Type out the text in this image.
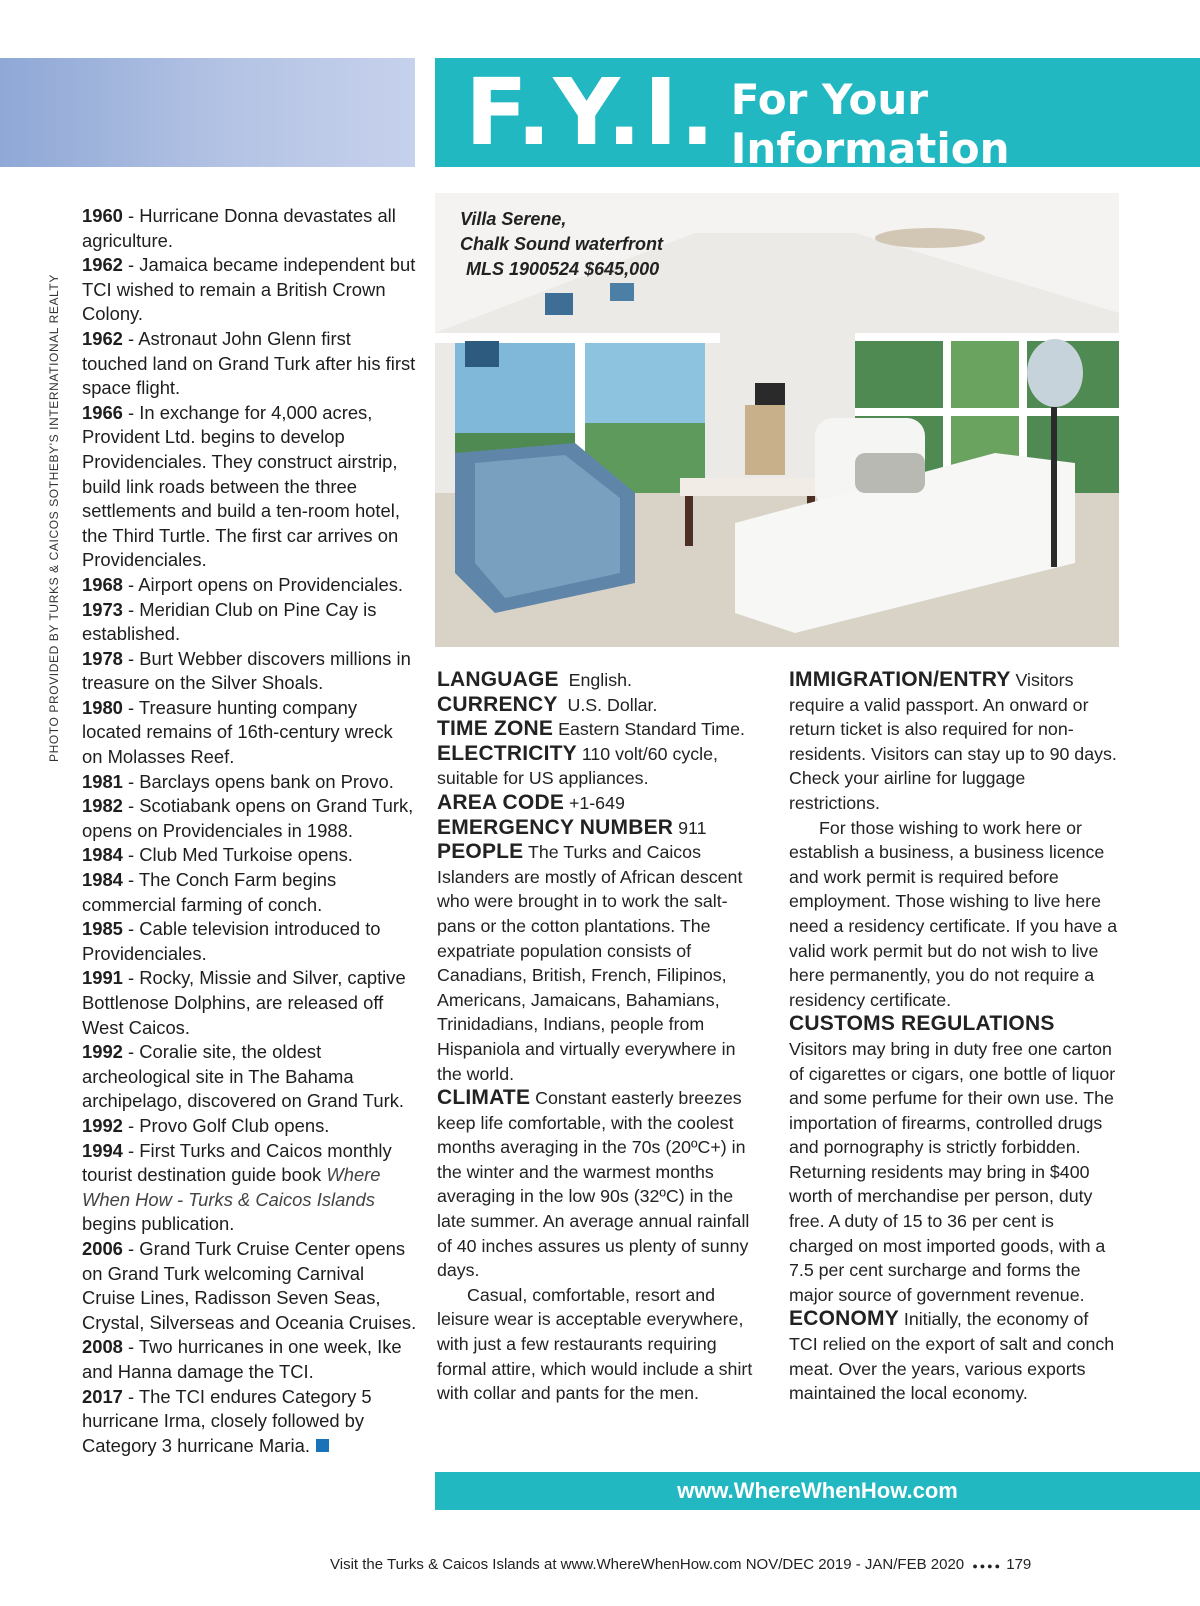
F.Y.I. For Your Information
PHOTO PROVIDED BY TURKS & CAICOS SOTHEBY'S INTERNATIONAL REALTY

1960 - Hurricane Donna devastates all agriculture.

1962 - Jamaica became independent but TCI wished to remain a British Crown Colony.

1962 - Astronaut John Glenn first touched land on Grand Turk after his first space flight.

1966 - In exchange for 4,000 acres, Provident Ltd. begins to develop Providenciales. They construct airstrip, build link roads between the three settlements and build a ten-room hotel, the Third Turtle. The first car arrives on Providenciales.

1968 - Airport opens on Providenciales.

1973 - Meridian Club on Pine Cay is established.

1978 - Burt Webber discovers millions in treasure on the Silver Shoals.

1980 - Treasure hunting company located remains of 16th-century wreck on Molasses Reef.

1981 - Barclays opens bank on Provo.

1982 - Scotiabank opens on Grand Turk, opens on Providenciales in 1988.

1984 - Club Med Turkoise opens.

1984 - The Conch Farm begins commercial farming of conch.

1985 - Cable television introduced to Providenciales.

1991 - Rocky, Missie and Silver, captive Bottlenose Dolphins, are released off West Caicos.

1992 - Coralie site, the oldest archeological site in The Bahama archipelago, discovered on Grand Turk.

1992 - Provo Golf Club opens.

1994 - First Turks and Caicos monthly tourist destination guide book Where When How - Turks & Caicos Islands begins publication.

2006 - Grand Turk Cruise Center opens on Grand Turk welcoming Carnival Cruise Lines, Radisson Seven Seas, Crystal, Silverseas and Oceania Cruises.

2008 - Two hurricanes in one week, Ike and Hanna damage the TCI.

2017 - The TCI endures Category 5 hurricane Irma, closely followed by Category 3 hurricane Maria.

Villa Serene,
Chalk Sound waterfront
MLS 1900524 $645,000

LANGUAGE English.

CURRENCY U.S. Dollar.

TIME ZONE Eastern Standard Time.

ELECTRICITY 110 volt/60 cycle, suitable for US appliances.

AREA CODE +1-649

EMERGENCY NUMBER 911

PEOPLE The Turks and Caicos Islanders are mostly of African descent who were brought in to work the salt-pans or the cotton plantations. The expatriate population consists of Canadians, British, French, Filipinos, Americans, Jamaicans, Bahamians, Trinidadians, Indians, people from Hispaniola and virtually everywhere in the world.

CLIMATE Constant easterly breezes keep life comfortable, with the coolest months averaging in the 70s (20ºC+) in the winter and the warmest months averaging in the low 90s (32ºC) in the late summer. An average annual rainfall of 40 inches assures us plenty of sunny days.

Casual, comfortable, resort and leisure wear is acceptable everywhere, with just a few restaurants requiring formal attire, which would include a shirt with collar and pants for the men.

IMMIGRATION/ENTRY Visitors require a valid passport. An onward or return ticket is also required for non-residents. Visitors can stay up to 90 days. Check your airline for luggage restrictions.

For those wishing to work here or establish a business, a business licence and work permit is required before employment. Those wishing to live here need a residency certificate. If you have a valid work permit but do not wish to live here permanently, you do not require a residency certificate.

CUSTOMS REGULATIONS

Visitors may bring in duty free one carton of cigarettes or cigars, one bottle of liquor and some perfume for their own use. The importation of firearms, controlled drugs and pornography is strictly forbidden. Returning residents may bring in $400 worth of merchandise per person, duty free. A duty of 15 to 36 per cent is charged on most imported goods, with a 7.5 per cent surcharge and forms the major source of government revenue.

ECONOMY Initially, the economy of TCI relied on the export of salt and conch meat. Over the years, various exports maintained the local economy.

www.WhereWhenHow.com
Visit the Turks & Caicos Islands at www.WhereWhenHow.com NOV/DEC 2019 - JAN/FEB 2020 ●●●● 179
